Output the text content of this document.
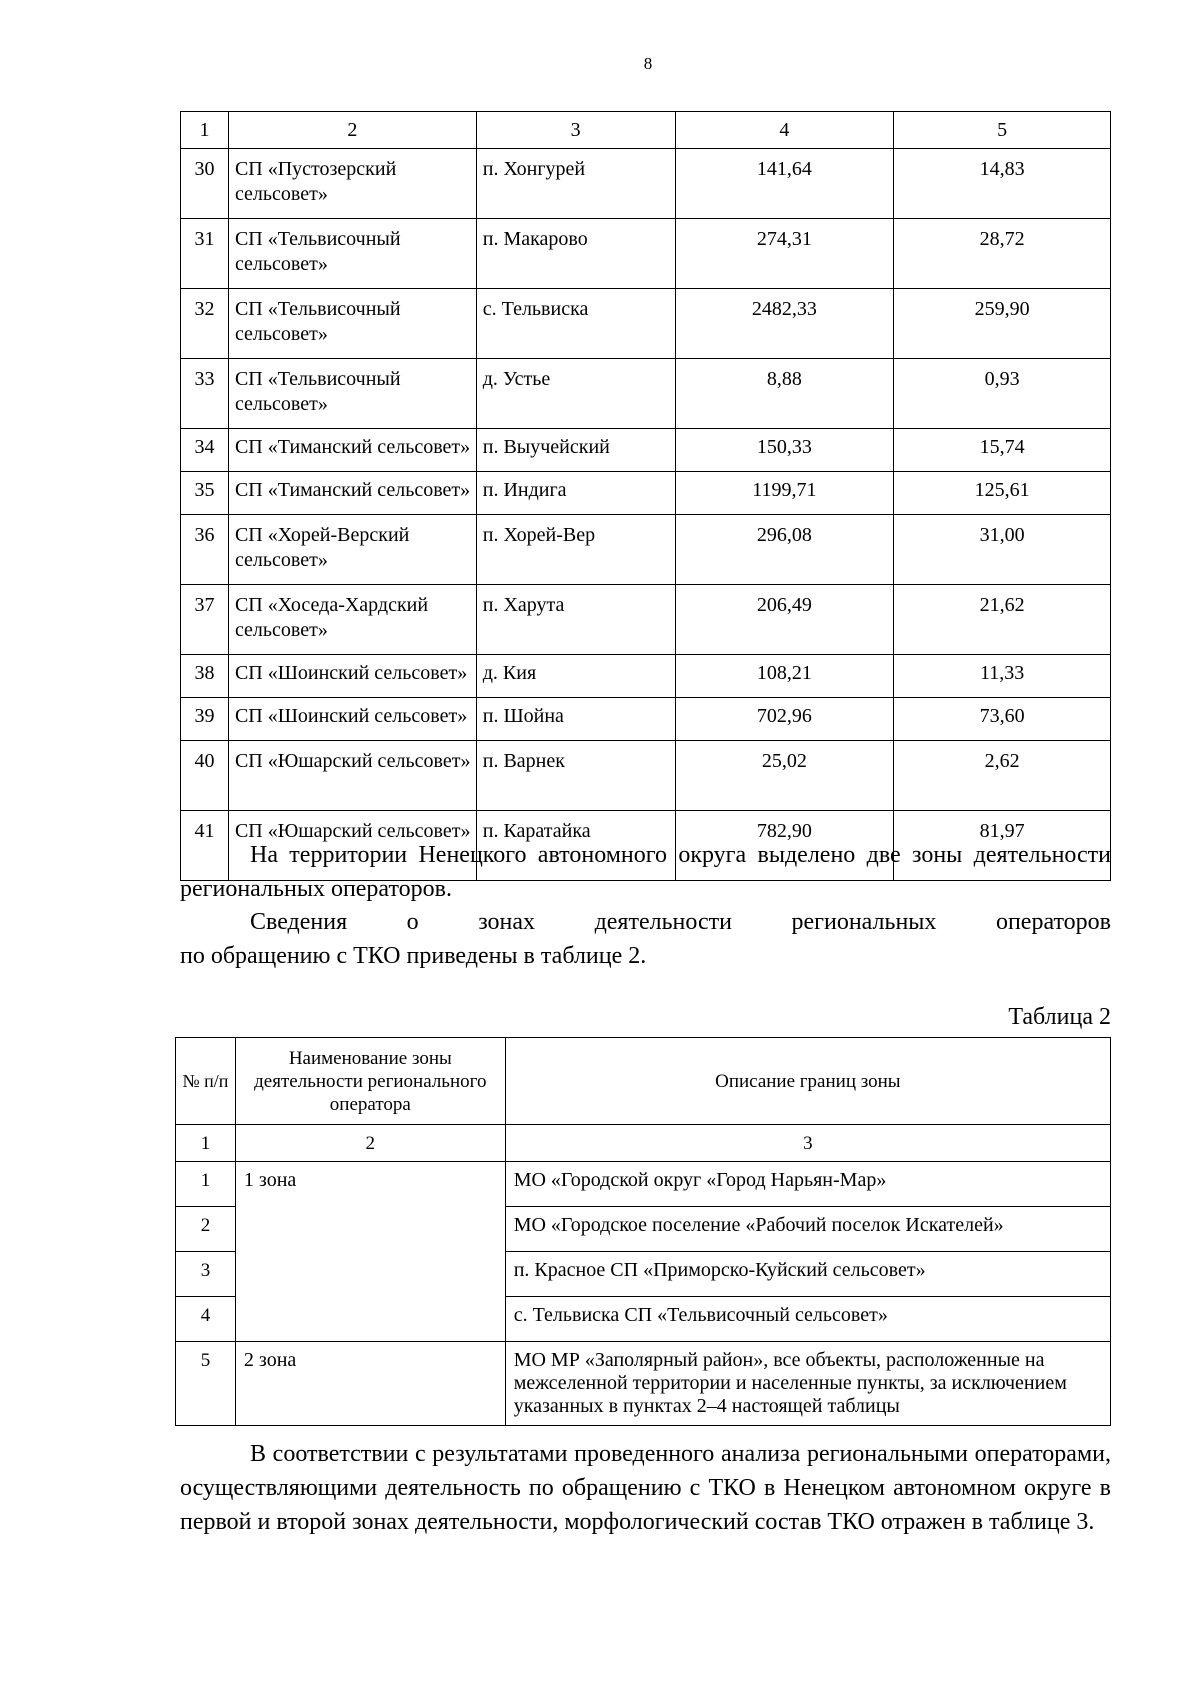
8
1	2	3	4	5
30	СП «Пустозерский сельсовет»	п. Хонгурей	141,64	14,83
31	СП «Тельвисочный сельсовет»	п. Макарово	274,31	28,72
32	СП «Тельвисочный сельсовет»	с. Тельвиска	2482,33	259,90
33	СП «Тельвисочный сельсовет»	д. Устье	8,88	0,93
34	СП «Тиманский сельсовет»	п. Выучейский	150,33	15,74
35	СП «Тиманский сельсовет»	п. Индига	1199,71	125,61
36	СП «Хорей-Верский сельсовет»	п. Хорей-Вер	296,08	31,00
37	СП «Хоседа-Хардский сельсовет»	п. Харута	206,49	21,62
38	СП «Шоинский сельсовет»	д. Кия	108,21	11,33
39	СП «Шоинский сельсовет»	п. Шойна	702,96	73,60
40	СП «Юшарский сельсовет»	п. Варнек	25,02	2,62
41	СП «Юшарский сельсовет»	п. Каратайка	782,90	81,97
На территории Ненецкого автономного округа выделено две зоны деятельности региональных операторов.
Сведения о зонах деятельности региональных операторов
по обращению с ТКО приведены в таблице 2.
Таблица 2
№ п/п	Наименование зоны деятельности регионального оператора	Описание границ зоны
1	2	3
1	1 зона	МО «Городской округ «Город Нарьян-Мар»
2		МО «Городское поселение «Рабочий поселок Искателей»
3		п. Красное СП «Приморско-Куйский сельсовет»
4		с. Тельвиска СП «Тельвисочный сельсовет»
5	2 зона	МО МР «Заполярный район», все объекты, расположенные на межселенной территории и населенные пункты, за исключением указанных в пунктах 2–4 настоящей таблицы
В соответствии с результатами проведенного анализа региональными операторами, осуществляющими деятельность по обращению с ТКО в Ненецком автономном округе в первой и второй зонах деятельности, морфологический состав ТКО отражен в таблице 3.
